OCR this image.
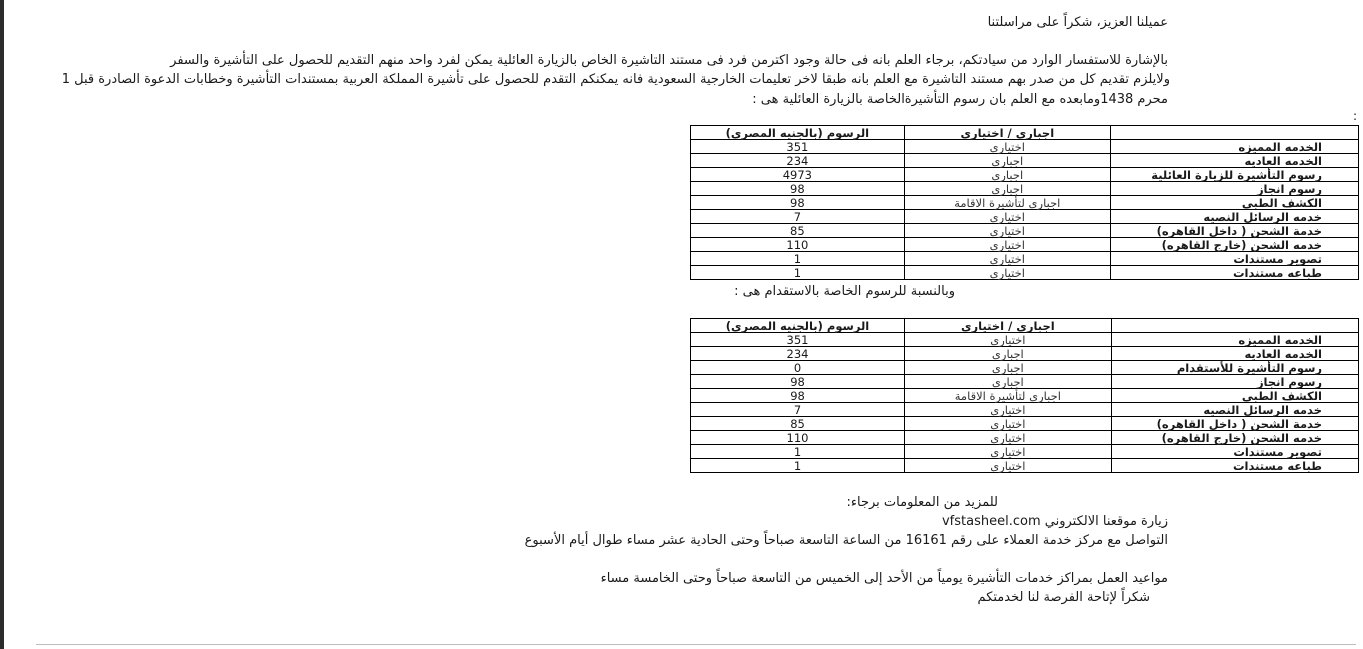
عميلنا العزيز، شكراً على مراسلتنا
بالإشارة للاستفسار الوارد من سيادتكم، برجاء العلم بانه فى حالة وجود اكترمن فرد فى مستند التاشيرة الخاص بالزيارة العائلية يمكن لفرد واحد منهم التقديم للحصول على التأشيرة والسفر
ولايلزم تقديم كل من صدر بهم مستند التاشيرة مع العلم بانه طبقا لاخر تعليمات الخارجية السعودية فانه يمكنكم التقدم للحصول على تأشيرة المملكة العربية بمستندات التأشيرة وخطابات الدعوة الصادرة قبل 1
محرم 1438ومابعده مع العلم بان رسوم التأشيرةالخاصة بالزيارة العائلية هى :
:
	اجبارى / اختيارى	الرسوم (بالجنيه المصرى)
الخدمه المميزه	اختيارى	351
الخدمه العاديه	اجبارى	234
رسوم التأشيرة للزيارة العائلية	اجبارى	4973
رسوم انجاز	اجبارى	98
الكشف الطبى	اجبارى لتأشيرة الاقامة	98
خدمه الرسائل النصيه	اختيارى	7
خدمة الشحن ( داخل القاهره)	اختيارى	85
خدمه الشحن (خارج القاهره)	اختيارى	110
تصوير مستندات	اختيارى	1
طباعه مستندات	اختيارى	1
وبالنسبة للرسوم الخاصة بالاستقدام هى :
	اجبارى / اختيارى	الرسوم (بالجنيه المصرى)
الخدمه المميزه	اختيارى	351
الخدمه العاديه	اجبارى	234
رسوم التأشيرة للأستقدام	اجبارى	0
رسوم انجاز	اجبارى	98
الكشف الطبى	اجبارى لتأشيرة الاقامة	98
خدمه الرسائل النصيه	اختيارى	7
خدمة الشحن ( داخل القاهره)	اختيارى	85
خدمه الشحن (خارج القاهره)	اختيارى	110
تصوير مستندات	اختيارى	1
طباعه مستندات	اختيارى	1
للمزيد من المعلومات برجاء:
زيارة موقعنا الالكتروني vfstasheel.com
التواصل مع مركز خدمة العملاء على رقم 16161 من الساعة التاسعة صباحاً وحتى الحادية عشر مساء طوال أيام الأسبوع
مواعيد العمل بمراكز خدمات التأشيرة يومياً من الأحد إلى الخميس من التاسعة صباحاً وحتى الخامسة مساء
شكراً لإتاحة الفرصة لنا لخدمتكم
